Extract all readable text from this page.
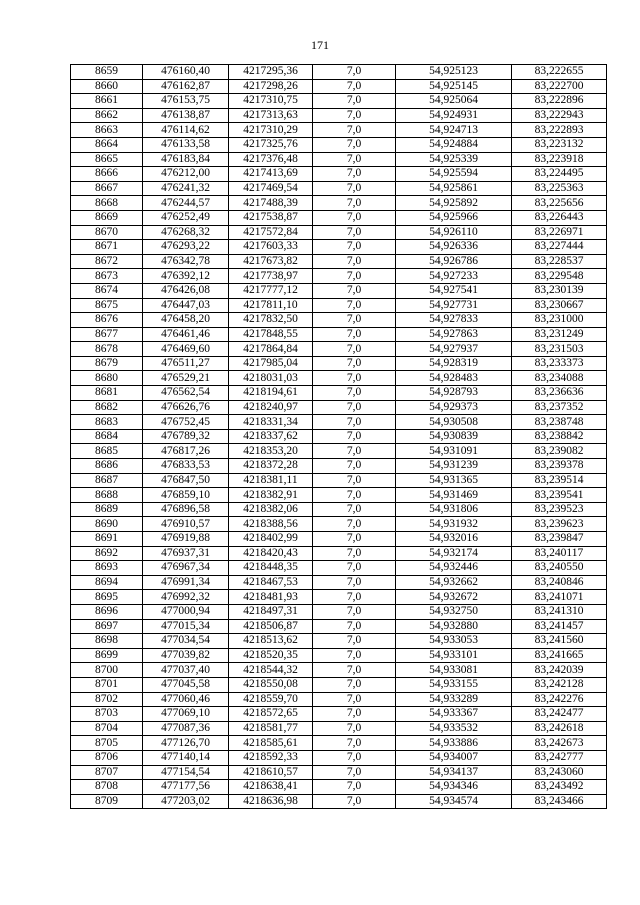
171
8659	476160,40	4217295,36	7,0	54,925123	83,222655
8660	476162,87	4217298,26	7,0	54,925145	83,222700
8661	476153,75	4217310,75	7,0	54,925064	83,222896
8662	476138,87	4217313,63	7,0	54,924931	83,222943
8663	476114,62	4217310,29	7,0	54,924713	83,222893
8664	476133,58	4217325,76	7,0	54,924884	83,223132
8665	476183,84	4217376,48	7,0	54,925339	83,223918
8666	476212,00	4217413,69	7,0	54,925594	83,224495
8667	476241,32	4217469,54	7,0	54,925861	83,225363
8668	476244,57	4217488,39	7,0	54,925892	83,225656
8669	476252,49	4217538,87	7,0	54,925966	83,226443
8670	476268,32	4217572,84	7,0	54,926110	83,226971
8671	476293,22	4217603,33	7,0	54,926336	83,227444
8672	476342,78	4217673,82	7,0	54,926786	83,228537
8673	476392,12	4217738,97	7,0	54,927233	83,229548
8674	476426,08	4217777,12	7,0	54,927541	83,230139
8675	476447,03	4217811,10	7,0	54,927731	83,230667
8676	476458,20	4217832,50	7,0	54,927833	83,231000
8677	476461,46	4217848,55	7,0	54,927863	83,231249
8678	476469,60	4217864,84	7,0	54,927937	83,231503
8679	476511,27	4217985,04	7,0	54,928319	83,233373
8680	476529,21	4218031,03	7,0	54,928483	83,234088
8681	476562,54	4218194,61	7,0	54,928793	83,236636
8682	476626,76	4218240,97	7,0	54,929373	83,237352
8683	476752,45	4218331,34	7,0	54,930508	83,238748
8684	476789,32	4218337,62	7,0	54,930839	83,238842
8685	476817,26	4218353,20	7,0	54,931091	83,239082
8686	476833,53	4218372,28	7,0	54,931239	83,239378
8687	476847,50	4218381,11	7,0	54,931365	83,239514
8688	476859,10	4218382,91	7,0	54,931469	83,239541
8689	476896,58	4218382,06	7,0	54,931806	83,239523
8690	476910,57	4218388,56	7,0	54,931932	83,239623
8691	476919,88	4218402,99	7,0	54,932016	83,239847
8692	476937,31	4218420,43	7,0	54,932174	83,240117
8693	476967,34	4218448,35	7,0	54,932446	83,240550
8694	476991,34	4218467,53	7,0	54,932662	83,240846
8695	476992,32	4218481,93	7,0	54,932672	83,241071
8696	477000,94	4218497,31	7,0	54,932750	83,241310
8697	477015,34	4218506,87	7,0	54,932880	83,241457
8698	477034,54	4218513,62	7,0	54,933053	83,241560
8699	477039,82	4218520,35	7,0	54,933101	83,241665
8700	477037,40	4218544,32	7,0	54,933081	83,242039
8701	477045,58	4218550,08	7,0	54,933155	83,242128
8702	477060,46	4218559,70	7,0	54,933289	83,242276
8703	477069,10	4218572,65	7,0	54,933367	83,242477
8704	477087,36	4218581,77	7,0	54,933532	83,242618
8705	477126,70	4218585,61	7,0	54,933886	83,242673
8706	477140,14	4218592,33	7,0	54,934007	83,242777
8707	477154,54	4218610,57	7,0	54,934137	83,243060
8708	477177,56	4218638,41	7,0	54,934346	83,243492
8709	477203,02	4218636,98	7,0	54,934574	83,243466
